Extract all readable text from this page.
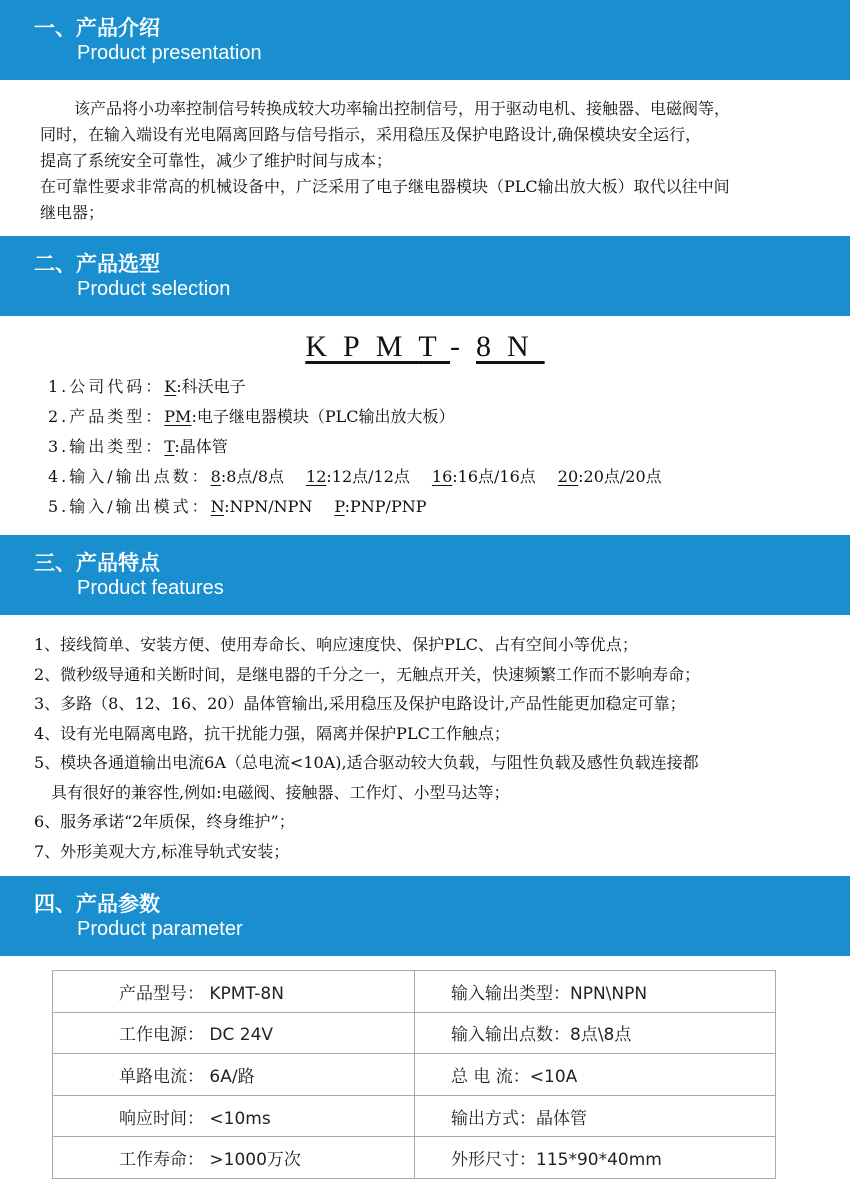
一、产品介绍
Product presentation

该产品将小功率控制信号转换成较大功率输出控制信号，用于驱动电机、接触器、电磁阀等，

同时，在输入端设有光电隔离回路与信号指示，采用稳压及保护电路设计,确保模块安全运行，

提高了系统安全可靠性，减少了维护时间与成本；

在可靠性要求非常高的机械设备中，广泛采用了电子继电器模块（PLC输出放大板）取代以往中间

继电器；

二、产品选型
Product selection
KPMT-8N
1.公司代码：K:科沃电子
2.产品类型：PM:电子继电器模块（PLC输出放大板）
3.输出类型：T:晶体管
4.输入/输出点数：8:8点/8点 12:12点/12点 16:16点/16点 20:20点/20点
5.输入/输出模式：N:NPN/NPN P:PNP/PNP
三、产品特点
Product features
1、接线简单、安装方便、使用寿命长、响应速度快、保护PLC、占有空间小等优点；
2、微秒级导通和关断时间，是继电器的千分之一，无触点开关，快速频繁工作而不影响寿命；
3、多路（8、12、16、20）晶体管输出,采用稳压及保护电路设计,产品性能更加稳定可靠；
4、设有光电隔离电路，抗干扰能力强，隔离并保护PLC工作触点；
5、模块各通道输出电流6A（总电流<10A),适合驱动较大负载，与阻性负载及感性负载连接都
具有很好的兼容性,例如:电磁阀、接触器、工作灯、小型马达等；
6、服务承诺“2年质保，终身维护”；
7、外形美观大方,标准导轨式安装；
四、产品参数
Product parameter
产品型号： KPMT-8N	输入输出类型：NPN\NPN
工作电源： DC 24V	输入输出点数：8点\8点
单路电流： 6A/路	总 电 流：<10A
响应时间： <10ms	输出方式：晶体管
工作寿命： >1000万次	外形尺寸：115*90*40mm
